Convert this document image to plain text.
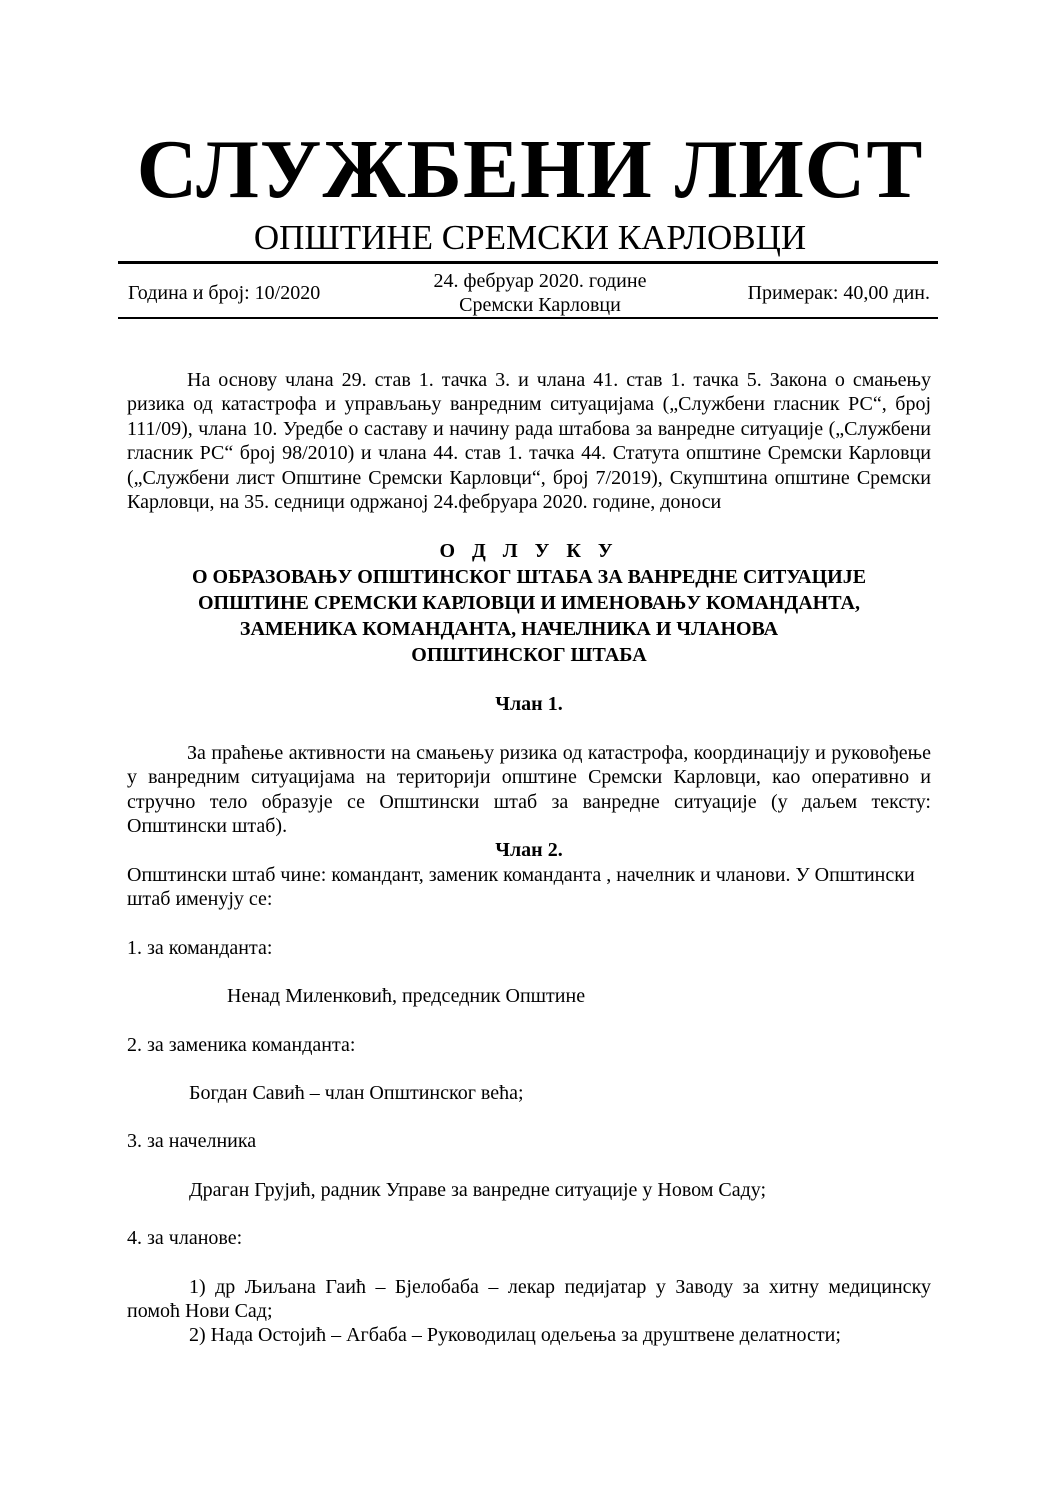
СЛУЖБЕНИ ЛИСТ
ОПШТИНЕ СРЕМСКИ КАРЛОВЦИ
Година и број: 10/2020
24. фебруар 2020. године
Сремски Карловци
Примерак: 40,00 дин.

На основу члана 29. став 1. тачка 3. и члана 41. став 1. тачка 5. Закона о смањењу ризика од катастрофа и управљању ванредним ситуацијама („Службени гласник РС“, број 111/09), члана 10. Уредбе о саставу и начину рада штабова за ванредне ситуације („Службени гласник РС“ број 98/2010) и члана 44. став 1. тачка 44. Статута општине Сремски Карловци („Службени лист Општине Сремски Карловци“, број 7/2019), Скупштина општине Сремски Карловци, на 35. седници одржаној 24.фебруара 2020. године, доноси

О Д Л У К У
О ОБРАЗОВАЊУ ОПШТИНСКОГ ШТАБА ЗА ВАНРЕДНЕ СИТУАЦИЈЕ
ОПШТИНЕ СРЕМСКИ КАРЛОВЦИ И ИМЕНОВАЊУ КОМАНДАНТА,
ЗАМЕНИКА КОМАНДАНТА, НАЧЕЛНИКА И ЧЛАНОВА
ОПШТИНСКОГ ШТАБА

Члан 1.

За праћење активности на смањењу ризика од катастрофа, координацију и руковођење у ванредним ситуацијама на територији општине Сремски Карловци, као оперативно и стручно тело образује се Општински штаб за ванредне ситуације (у даљем тексту: Општински штаб).

Члан 2.

Општински штаб чине: командант, заменик команданта , начелник и чланови. У Општински штаб именују се:

1. за команданта:

Ненад Миленковић, председник Општине

2. за заменика команданта:

Богдан Савић – члан Општинског већа;

3. за начелника

Драган Грујић, радник Управе за ванредне ситуације у Новом Саду;

4. за чланове:

1) др Љиљана Гаић – Бјелобаба – лекар педијатар у Заводу за хитну медицинску помоћ Нови Сад;

2) Нада Остојић – Агбаба – Руководилац одељења за друштвене делатности;
